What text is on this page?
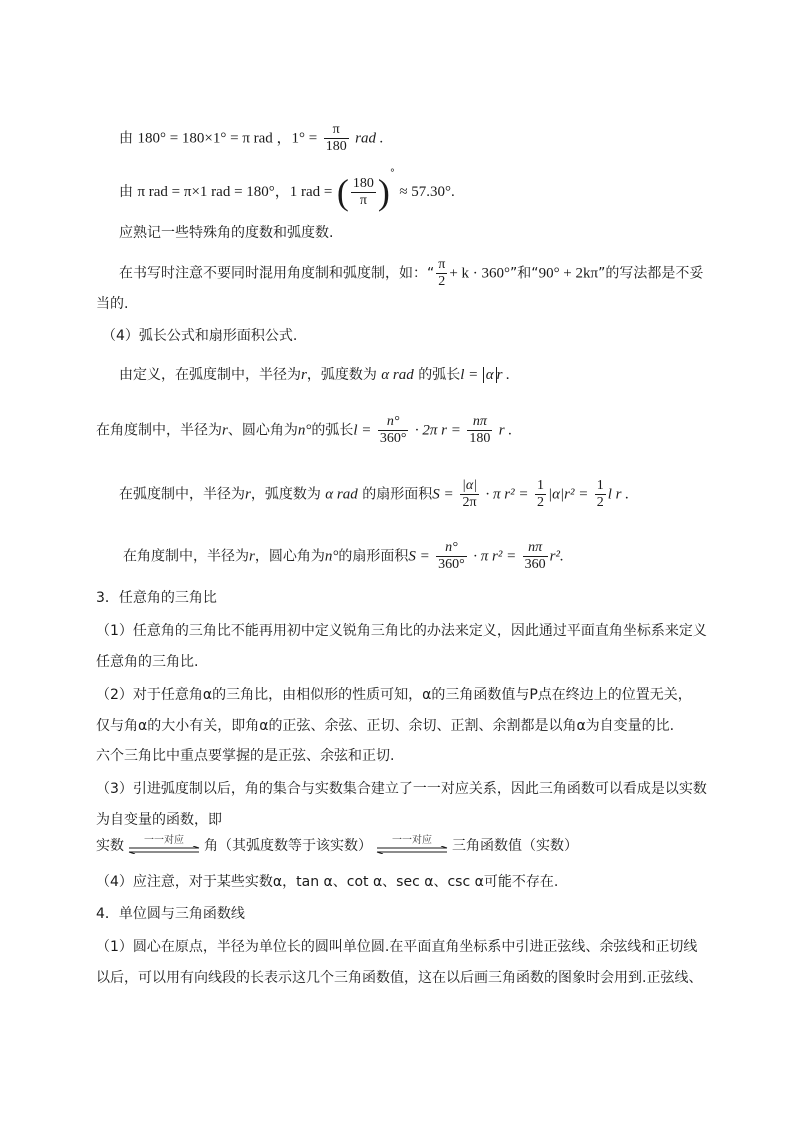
由 180° = 180×1° = π rad ，$1^\circ = \frac{\pi}{180}$ rad .
由 π rad = π×1 rad = 180°，1 rad = ( $\frac{180}{\pi} )^\circ \approx 57.30^\circ$.
应熟记一些特殊角的度数和弧度数.
在书写时注意不要同时混用角度制和弧度制，如：“ $\frac{\pi}{2} + k \cdot 360^\circ$”和“90° + 2kπ”的写法都是不妥
当的.
（4）弧长公式和扇形面积公式.
由定义，在弧度制中，半径为r，弧度数为 α rad 的弧长l = α r .
在角度制中，半径为r、圆心角为n°的弧长$l = \frac{n^\circ}{360^\circ} \cdot 2\pi$ $r = \frac{n\pi}{180}$ r .
在弧度制中，半径为r，弧度数为 α rad 的扇形面积$S = \frac{|\alpha|}{2\pi} \cdot \pi$ $r^2 = \frac{1}{2} |\alpha|r^2 = \frac{1}{2}$ l r .
在角度制中，半径为r，圆心角为n°的扇形面积$S = \frac{n^\circ}{360^\circ} \cdot \pi$ $r^2 = \frac{n\pi}{360} r^2$.
3．任意角的三角比
（1）任意角的三角比不能再用初中定义锐角三角比的办法来定义，因此通过平面直角坐标系来定义
任意角的三角比.
（2）对于任意角α的三角比，由相似形的性质可知，α的三角函数值与P点在终边上的位置无关，
仅与角α的大小有关，即角α的正弦、余弦、正切、余切、正割、余割都是以角α为自变量的比.
六个三角比中重点要掌握的是正弦、余弦和正切.
（3）引进弧度制以后，角的集合与实数集合建立了一一对应关系，因此三角函数可以看成是以实数
为自变量的函数，即
实数	一一对应	角（其弧度数等于该实数）	一一对应	三角函数值（实数）
（4）应注意，对于某些实数α，tan α、cot α、sec α、csc α可能不存在.
4．单位圆与三角函数线
（1）圆心在原点，半径为单位长的圆叫单位圆.在平面直角坐标系中引进正弦线、余弦线和正切线
以后，可以用有向线段的长表示这几个三角函数值，这在以后画三角函数的图象时会用到.正弦线、
